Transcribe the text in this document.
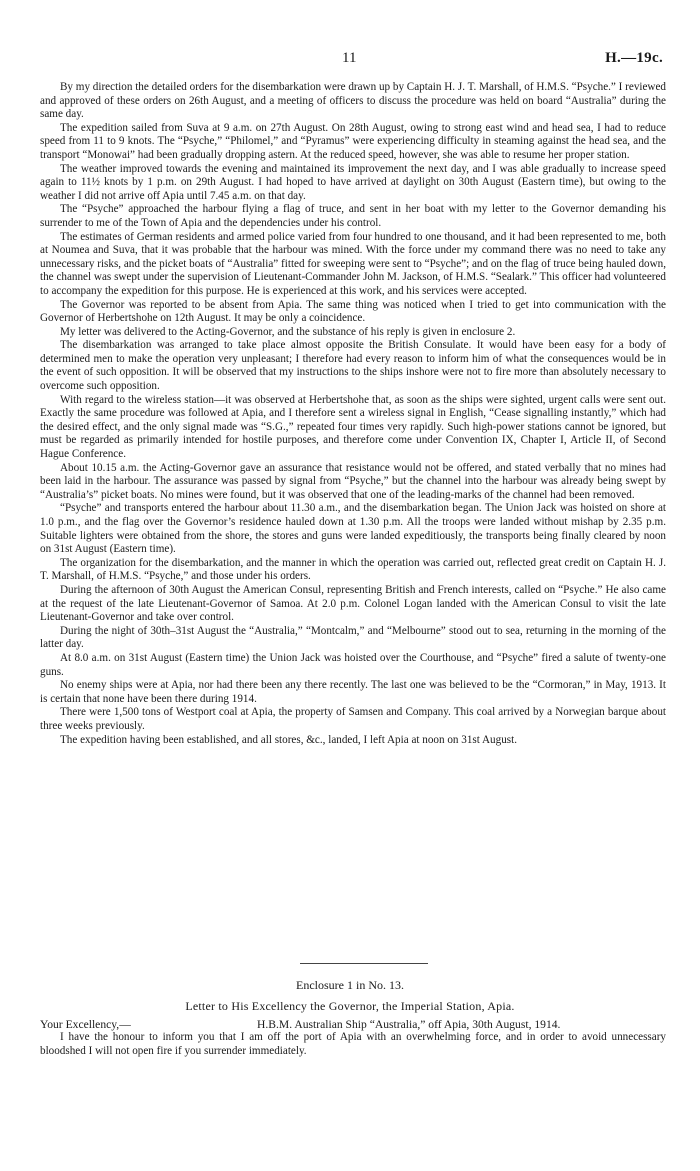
11	H.—19c.

By my direction the detailed orders for the disembarkation were drawn up by Captain H. J. T. Marshall, of H.M.S. “Psyche.” I reviewed and approved of these orders on 26th August, and a meeting of officers to discuss the procedure was held on board “Australia” during the same day.

The expedition sailed from Suva at 9 a.m. on 27th August. On 28th August, owing to strong east wind and head sea, I had to reduce speed from 11 to 9 knots. The “Psyche,” “Philomel,” and “Pyramus” were experiencing difficulty in steaming against the head sea, and the transport “Monowai” had been gradually dropping astern. At the reduced speed, however, she was able to resume her proper station.

The weather improved towards the evening and maintained its improvement the next day, and I was able gradually to increase speed again to 11½ knots by 1 p.m. on 29th August. I had hoped to have arrived at daylight on 30th August (Eastern time), but owing to the weather I did not arrive off Apia until 7.45 a.m. on that day.

The “Psyche” approached the harbour flying a flag of truce, and sent in her boat with my letter to the Governor demanding his surrender to me of the Town of Apia and the dependencies under his control.

The estimates of German residents and armed police varied from four hundred to one thousand, and it had been represented to me, both at Noumea and Suva, that it was probable that the harbour was mined. With the force under my command there was no need to take any unnecessary risks, and the picket boats of “Australia” fitted for sweeping were sent to “Psyche”; and on the flag of truce being hauled down, the channel was swept under the supervision of Lieutenant-Commander John M. Jackson, of H.M.S. “Sealark.” This officer had volunteered to accompany the expedition for this purpose. He is experienced at this work, and his services were accepted.

The Governor was reported to be absent from Apia. The same thing was noticed when I tried to get into communication with the Governor of Herbertshohe on 12th August. It may be only a coincidence.

My letter was delivered to the Acting-Governor, and the substance of his reply is given in enclosure 2.

The disembarkation was arranged to take place almost opposite the British Consulate. It would have been easy for a body of determined men to make the operation very unpleasant; I therefore had every reason to inform him of what the consequences would be in the event of such opposition. It will be observed that my instructions to the ships inshore were not to fire more than absolutely necessary to overcome such opposition.

With regard to the wireless station—it was observed at Herbertshohe that, as soon as the ships were sighted, urgent calls were sent out. Exactly the same procedure was followed at Apia, and I therefore sent a wireless signal in English, “Cease signalling instantly,” which had the desired effect, and the only signal made was “S.G.,” repeated four times very rapidly. Such high-power stations cannot be ignored, but must be regarded as primarily intended for hostile purposes, and therefore come under Convention IX, Chapter I, Article II, of Second Hague Conference.

About 10.15 a.m. the Acting-Governor gave an assurance that resistance would not be offered, and stated verbally that no mines had been laid in the harbour. The assurance was passed by signal from “Psyche,” but the channel into the harbour was already being swept by “Australia’s” picket boats. No mines were found, but it was observed that one of the leading-marks of the channel had been removed.

“Psyche” and transports entered the harbour about 11.30 a.m., and the disembarkation began. The Union Jack was hoisted on shore at 1.0 p.m., and the flag over the Governor’s residence hauled down at 1.30 p.m. All the troops were landed without mishap by 2.35 p.m. Suitable lighters were obtained from the shore, the stores and guns were landed expeditiously, the transports being finally cleared by noon on 31st August (Eastern time).

The organization for the disembarkation, and the manner in which the operation was carried out, reflected great credit on Captain H. J. T. Marshall, of H.M.S. “Psyche,” and those under his orders.

During the afternoon of 30th August the American Consul, representing British and French interests, called on “Psyche.” He also came at the request of the late Lieutenant-Governor of Samoa. At 2.0 p.m. Colonel Logan landed with the American Consul to visit the late Lieutenant-Governor and take over control.

During the night of 30th–31st August the “Australia,” “Montcalm,” and “Melbourne” stood out to sea, returning in the morning of the latter day.

At 8.0 a.m. on 31st August (Eastern time) the Union Jack was hoisted over the Courthouse, and “Psyche” fired a salute of twenty-one guns.

No enemy ships were at Apia, nor had there been any there recently. The last one was believed to be the “Cormoran,” in May, 1913. It is certain that none have been there during 1914.

There were 1,500 tons of Westport coal at Apia, the property of Samsen and Company. This coal arrived by a Norwegian barque about three weeks previously.

The expedition having been established, and all stores, &c., landed, I left Apia at noon on 31st August.

Enclosure 1 in No. 13.
Letter to His Excellency the Governor, the Imperial Station, Apia.
Your Excellency,—	H.B.M. Australian Ship “Australia,” off Apia, 30th August, 1914.

I have the honour to inform you that I am off the port of Apia with an overwhelming force, and in order to avoid unnecessary bloodshed I will not open fire if you surrender immediately.
